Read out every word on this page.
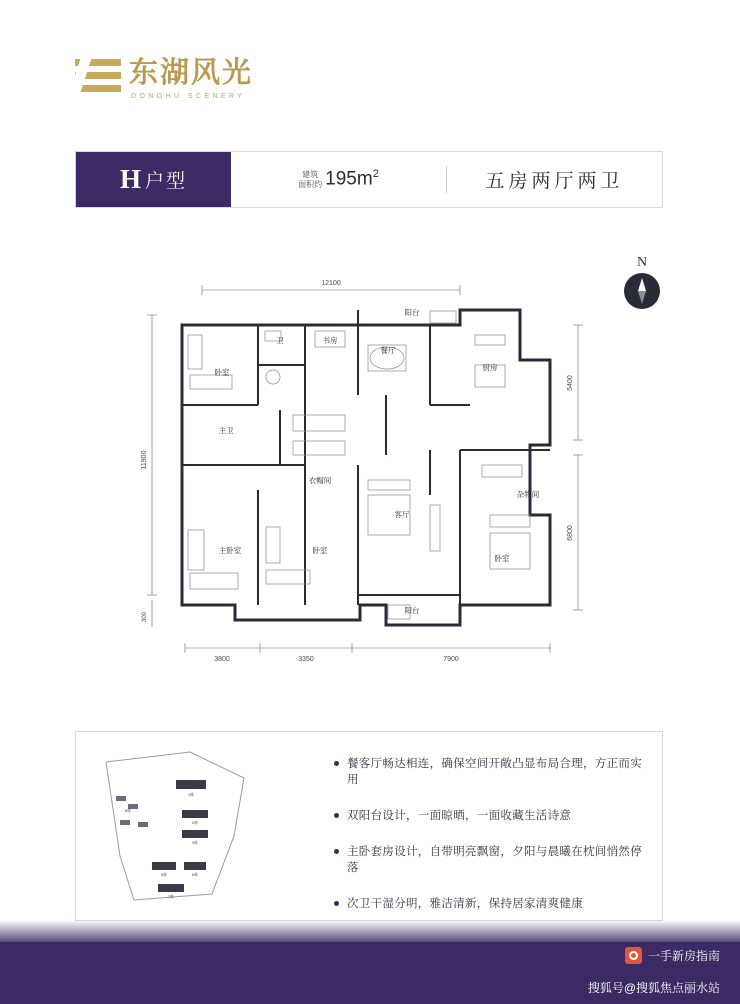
东湖风光
DONGHU SCENERY
H 户型	建筑
面积约 $195m^2$	五房两厅两卫
N
12100
11900
300
5400
6800
3800	3350	7900
卧室
卫	书房
餐厅
阳台
厨房
主卫
衣帽间
主卧室	卧室
客厅
杂物间
卧室
阳台
1栋
2栋
3栋
5栋	6栋
7栋
8栋
餐客厅畅达相连，确保空间开敞凸显布局合理，方正而实用
双阳台设计，一面晾晒，一面收藏生活诗意
主卧套房设计，自带明亮飘窗，夕阳与晨曦在枕间悄然停落
次卫干湿分明，雅洁清新，保持居家清爽健康
一手新房指南
搜狐号@搜狐焦点丽水站
